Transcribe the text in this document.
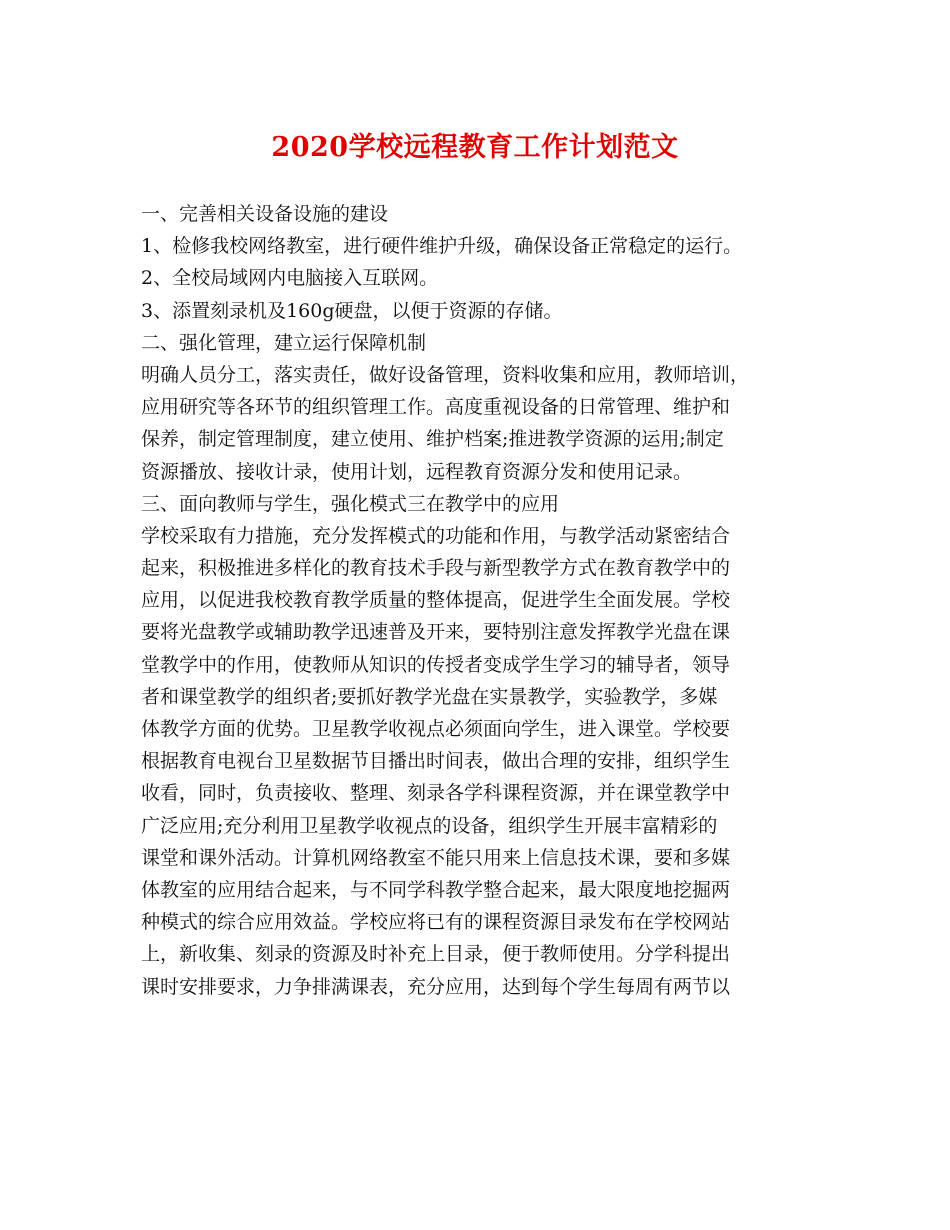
2020学校远程教育工作计划范文
一、完善相关设备设施的建设
1、检修我校网络教室，进行硬件维护升级，确保设备正常稳定的运行。
2、全校局域网内电脑接入互联网。
3、添置刻录机及160g硬盘，以便于资源的存储。
二、强化管理，建立运行保障机制
明确人员分工，落实责任，做好设备管理，资料收集和应用，教师培训，
应用研究等各环节的组织管理工作。高度重视设备的日常管理、维护和
保养，制定管理制度，建立使用、维护档案;推进教学资源的运用;制定
资源播放、接收计录，使用计划，远程教育资源分发和使用记录。
三、面向教师与学生，强化模式三在教学中的应用
学校采取有力措施，充分发挥模式的功能和作用，与教学活动紧密结合
起来，积极推进多样化的教育技术手段与新型教学方式在教育教学中的
应用，以促进我校教育教学质量的整体提高，促进学生全面发展。学校
要将光盘教学或辅助教学迅速普及开来，要特别注意发挥教学光盘在课
堂教学中的作用，使教师从知识的传授者变成学生学习的辅导者，领导
者和课堂教学的组织者;要抓好教学光盘在实景教学，实验教学，多媒
体教学方面的优势。卫星教学收视点必须面向学生，进入课堂。学校要
根据教育电视台卫星数据节目播出时间表，做出合理的安排，组织学生
收看，同时，负责接收、整理、刻录各学科课程资源，并在课堂教学中
广泛应用;充分利用卫星教学收视点的设备，组织学生开展丰富精彩的
课堂和课外活动。计算机网络教室不能只用来上信息技术课，要和多媒
体教室的应用结合起来，与不同学科教学整合起来，最大限度地挖掘两
种模式的综合应用效益。学校应将已有的课程资源目录发布在学校网站
上，新收集、刻录的资源及时补充上目录，便于教师使用。分学科提出
课时安排要求，力争排满课表，充分应用，达到每个学生每周有两节以
